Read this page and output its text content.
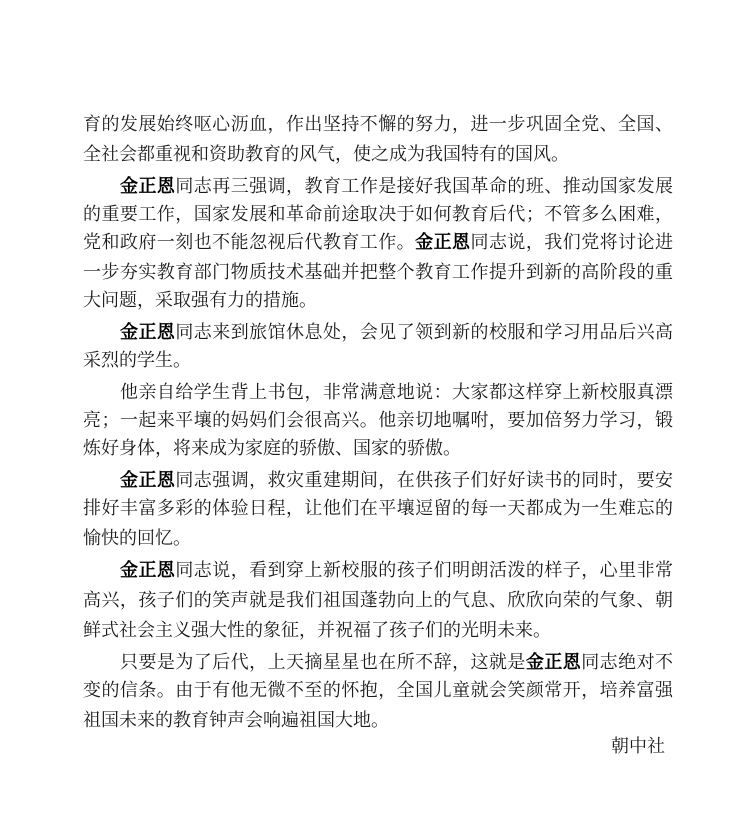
育的发展始终呕心沥血，作出坚持不懈的努力，进一步巩固全党、全国、
全社会都重视和资助教育的风气，使之成为我国特有的国风。
金正恩同志再三强调，教育工作是接好我国革命的班、推动国家发展
的重要工作，国家发展和革命前途取决于如何教育后代；不管多么困难，
党和政府一刻也不能忽视后代教育工作。金正恩同志说，我们党将讨论进
一步夯实教育部门物质技术基础并把整个教育工作提升到新的高阶段的重
大问题，采取强有力的措施。
金正恩同志来到旅馆休息处，会见了领到新的校服和学习用品后兴高
采烈的学生。
他亲自给学生背上书包，非常满意地说：大家都这样穿上新校服真漂
亮；一起来平壤的妈妈们会很高兴。他亲切地嘱咐，要加倍努力学习，锻
炼好身体，将来成为家庭的骄傲、国家的骄傲。
金正恩同志强调，救灾重建期间，在供孩子们好好读书的同时，要安
排好丰富多彩的体验日程，让他们在平壤逗留的每一天都成为一生难忘的
愉快的回忆。
金正恩同志说，看到穿上新校服的孩子们明朗活泼的样子，心里非常
高兴，孩子们的笑声就是我们祖国蓬勃向上的气息、欣欣向荣的气象、朝
鲜式社会主义强大性的象征，并祝福了孩子们的光明未来。
只要是为了后代，上天摘星星也在所不辞，这就是金正恩同志绝对不
变的信条。由于有他无微不至的怀抱，全国儿童就会笑颜常开，培养富强
祖国未来的教育钟声会响遍祖国大地。
朝中社
